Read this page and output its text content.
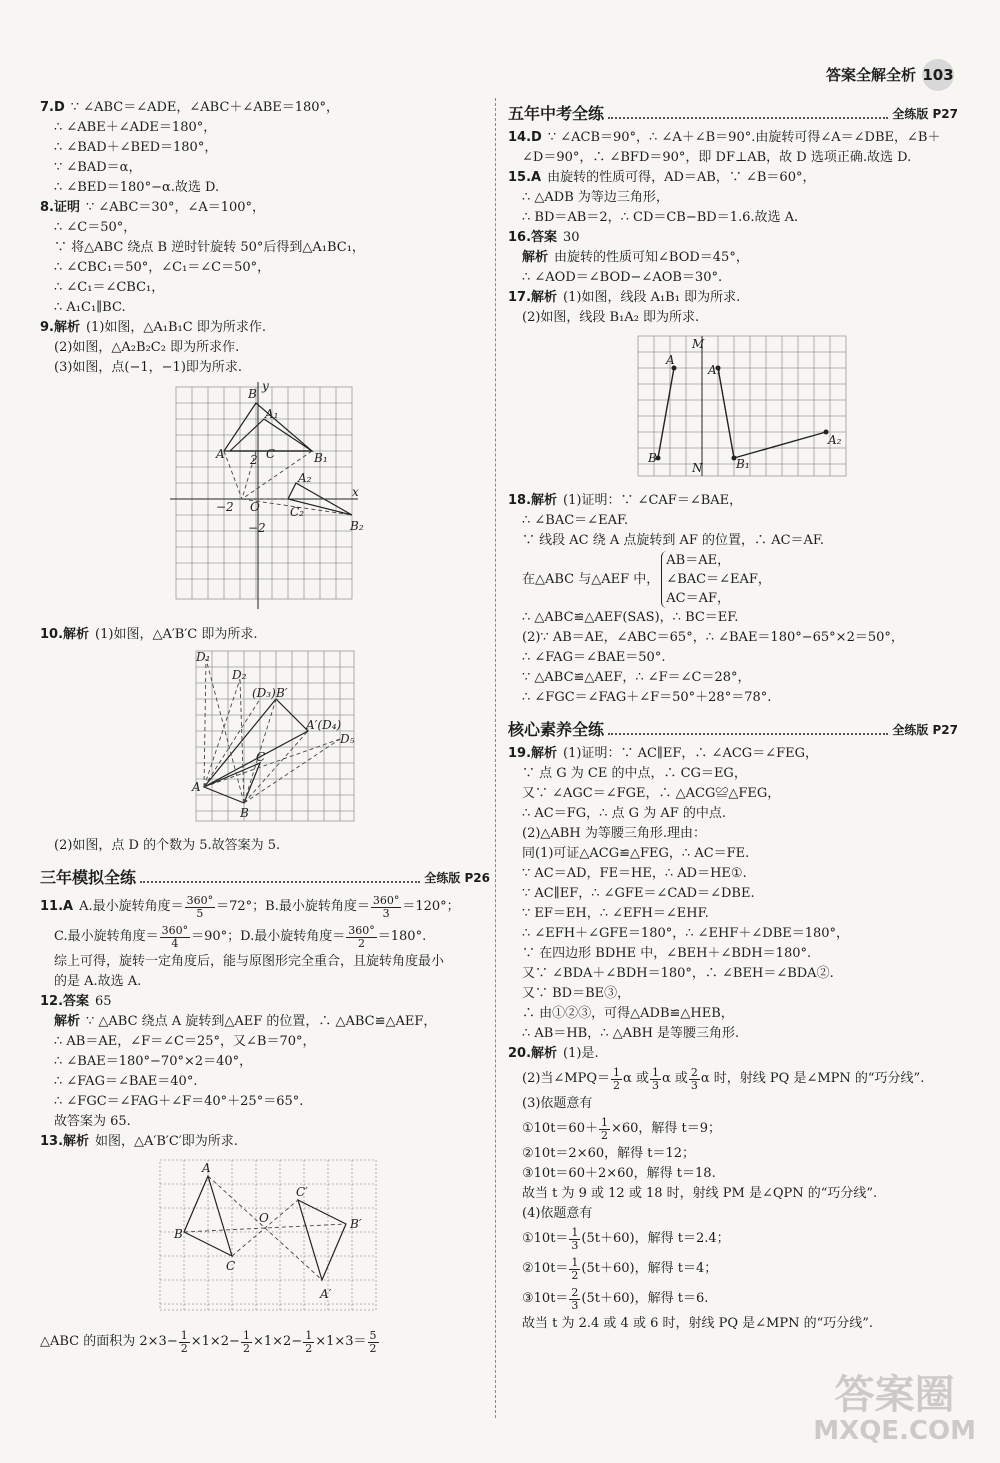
答案全解全析 103
7.D ∵ ∠ABC＝∠ADE，∠ABC＋∠ABE＝180°，
∴ ∠ABE＋∠ADE＝180°，
∴ ∠BAD＋∠BED＝180°，
∵ ∠BAD＝α，
∴ ∠BED＝180°−α.故选 D.
8.证明 ∵ ∠ABC＝30°，∠A＝100°，
∴ ∠C＝50°，
∵ 将△ABC 绕点 B 逆时针旋转 50°后得到△A₁BC₁，
∴ ∠CBC₁＝50°，∠C₁＝∠C＝50°，
∴ ∠C₁＝∠CBC₁，
∴ A₁C₁∥BC.
9.解析 (1)如图，△A₁B₁C 即为所求作.
(2)如图，△A₂B₂C₂ 即为所求作.
(3)如图，点(−1，−1)即为所求.
B
A₁
A	C	B₁
A₂
B₂
C₂
O
x
y
2
−2
−2
10.解析 (1)如图，△A′B′C 即为所求.
D₁
D₂
(D₃) B′
A′(D₄)
D₅
C
A
B
(2)如图，点 D 的个数为 5.故答案为 5.
三年模拟全练	全练版 P26
11.A A.最小旋转角度＝ $\frac{360^\circ}{5} =72^\circ$；B.最小旋转角度＝ $\frac{360^\circ}{3} =120^\circ$；
C.最小旋转角度＝ $\frac{360^\circ}{4} =90^\circ$；D.最小旋转角度＝ $\frac{360^\circ}{2} =180^\circ$.
综上可得，旋转一定角度后，能与原图形完全重合，且旋转角度最小
的是 A.故选 A.
12.答案 65
解析 ∵ △ABC 绕点 A 旋转到△AEF 的位置，∴ △ABC≌△AEF，
∴ AB＝AE，∠F＝∠C＝25°，又∠B＝70°，
∴ ∠BAE＝180°−70°×2＝40°，
∴ ∠FAG＝∠BAE＝40°.
∴ ∠FGC＝∠FAG＋∠F＝40°＋25°＝65°.
故答案为 65.
13.解析 如图，△A′B′C′即为所求.
A
B
C
O
C′
B′
A′
△ABC 的面积为 $2\times 3- \frac{1}{2} \times 1\times 2- \frac{1}{2} \times 1\times 2- \frac{1}{2} \times 1\times 3= \frac{5}{2}$
五年中考全练	全练版 P27
14.D ∵ ∠ACB＝90°，∴ ∠A＋∠B＝90°.由旋转可得∠A＝∠DBE，∠B＋
∠D＝90°，∴ ∠BFD＝90°，即 DF⊥AB，故 D 选项正确.故选 D.
15.A 由旋转的性质可得，AD＝AB，∵ ∠B＝60°，
∴ △ADB 为等边三角形，
∴ BD＝AB＝2，∴ CD＝CB−BD＝1.6.故选 A.
16.答案 30
解析 由旋转的性质可知∠BOD＝45°，
∴ ∠AOD＝∠BOD−∠AOB＝30°.
17.解析 (1)如图，线段 A₁B₁ 即为所求.
(2)如图，线段 B₁A₂ 即为所求.
A
B
A₁
B₁
A₂
M
N
18.解析 (1)证明：∵ ∠CAF＝∠BAE，
∴ ∠BAC＝∠EAF.
∵ 线段 AC 绕 A 点旋转到 AF 的位置，∴ AC＝AF.
在△ABC 与△AEF 中，
AB＝AE，
∠BAC＝∠EAF，
AC＝AF，
∴ △ABC≌△AEF(SAS)，∴ BC＝EF.
(2)∵ AB＝AE，∠ABC＝65°，∴ ∠BAE＝180°−65°×2＝50°，
∴ ∠FAG＝∠BAE＝50°.
∵ △ABC≌△AEF，∴ ∠F＝∠C＝28°，
∴ ∠FGC＝∠FAG＋∠F＝50°＋28°＝78°.
核心素养全练	全练版 P27
19.解析 (1)证明：∵ AC∥EF，∴ ∠ACG＝∠FEG，
∵ 点 G 为 CE 的中点，∴ CG＝EG，
又∵ ∠AGC＝∠FGE，∴ △ACG≌△FEG，
∴ AC＝FG，∴ 点 G 为 AF 的中点.
(2)△ABH 为等腰三角形.理由：
同(1)可证△ACG≌△FEG，∴ AC＝FE.
∵ AC＝AD，FE＝HE，∴ AD＝HE①.
∵ AC∥EF，∴ ∠GFE＝∠CAD＝∠DBE.
∵ EF＝EH，∴ ∠EFH＝∠EHF.
∴ ∠EFH＋∠GFE＝180°，∴ ∠EHF＋∠DBE＝180°，
∵ 在四边形 BDHE 中，∠BEH＋∠BDH＝180°.
又∵ ∠BDA＋∠BDH＝180°，∴ ∠BEH＝∠BDA②.
又∵ BD＝BE③，
∴ 由①②③，可得△ADB≌△HEB，
∴ AB＝HB，∴ △ABH 是等腰三角形.
20.解析 (1)是.
(2)当∠MPQ＝ $\frac{1}{2}$ α 或 $\frac{1}{3}$ α 或 $\frac{2}{3}$ α 时，射线 PQ 是∠MPN 的“巧分线”.
(3)依题意有
①10t＝60＋ $\frac{1}{2} \times 60$，解得 t＝9；
②10t＝2×60，解得 t＝12；
③10t＝60＋2×60，解得 t＝18.
故当 t 为 9 或 12 或 18 时，射线 PM 是∠QPN 的“巧分线”.
(4)依题意有
①10t＝ $\frac{1}{3} (5t+60)$，解得 t＝2.4；
②10t＝ $\frac{1}{2} (5t+60)$，解得 t＝4；
③10t＝ $\frac{2}{3} (5t+60)$，解得 t＝6.
故当 t 为 2.4 或 4 或 6 时，射线 PQ 是∠MPN 的“巧分线”.
答案圈
MXQE.COM
